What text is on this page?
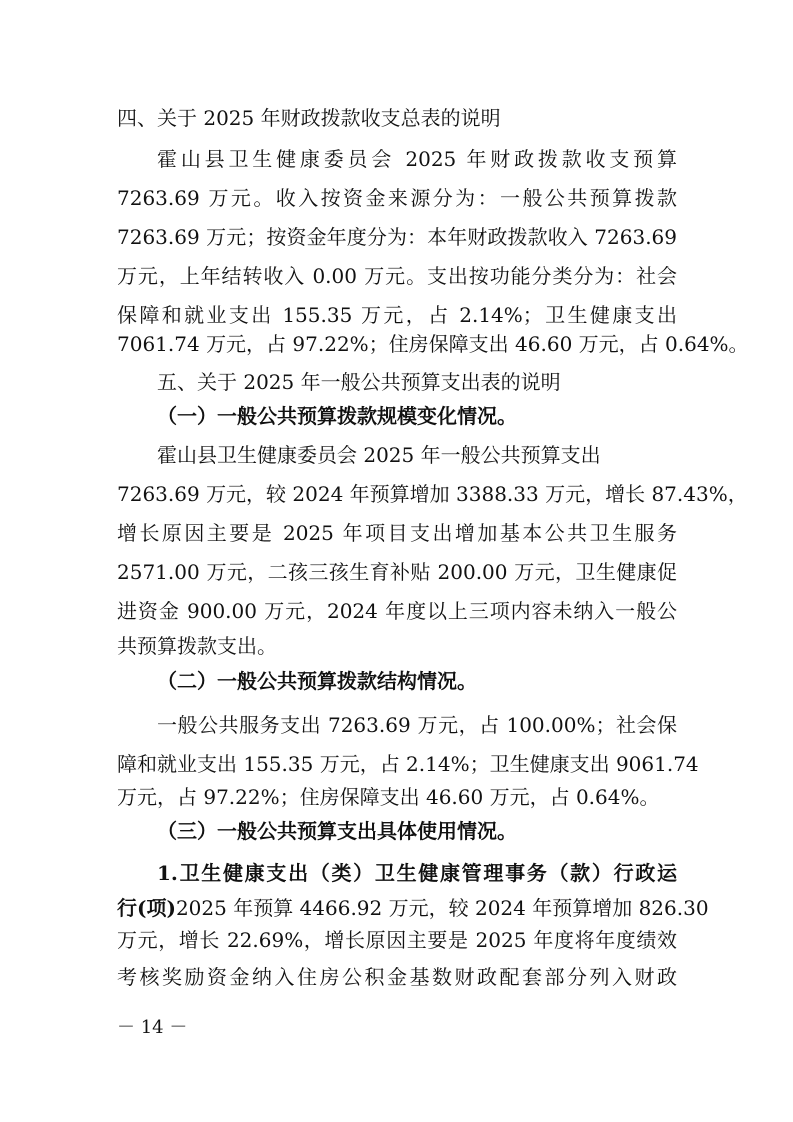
四、关于 2025 年财政拨款收支总表的说明
霍山县卫生健康委员会 2025 年财政拨款收支预算
7263.69 万元。收入按资金来源分为：一般公共预算拨款
7263.69 万元；按资金年度分为：本年财政拨款收入 7263.69
万元，上年结转收入 0.00 万元。支出按功能分类分为：社会
保障和就业支出 155.35 万元，占 2.14%；卫生健康支出
7061.74 万元，占 97.22%；住房保障支出 46.60 万元，占 0.64%。
五、关于 2025 年一般公共预算支出表的说明
（一）一般公共预算拨款规模变化情况。
霍山县卫生健康委员会 2025 年一般公共预算支出
7263.69 万元，较 2024 年预算增加 3388.33 万元，增长 87.43%，
增长原因主要是 2025 年项目支出增加基本公共卫生服务
2571.00 万元，二孩三孩生育补贴 200.00 万元，卫生健康促
进资金 900.00 万元，2024 年度以上三项内容未纳入一般公
共预算拨款支出。
（二）一般公共预算拨款结构情况。
一般公共服务支出 7263.69 万元，占 100.00%；社会保
障和就业支出 155.35 万元，占 2.14%；卫生健康支出 9061.74
万元，占 97.22%；住房保障支出 46.60 万元，占 0.64%。
（三）一般公共预算支出具体使用情况。
1.卫生健康支出（类）卫生健康管理事务（款）行政运
行(项)2025 年预算 4466.92 万元，较 2024 年预算增加 826.30
万元，增长 22.69%，增长原因主要是 2025 年度将年度绩效
考核奖励资金纳入住房公积金基数财政配套部分列入财政
－ 14 －
